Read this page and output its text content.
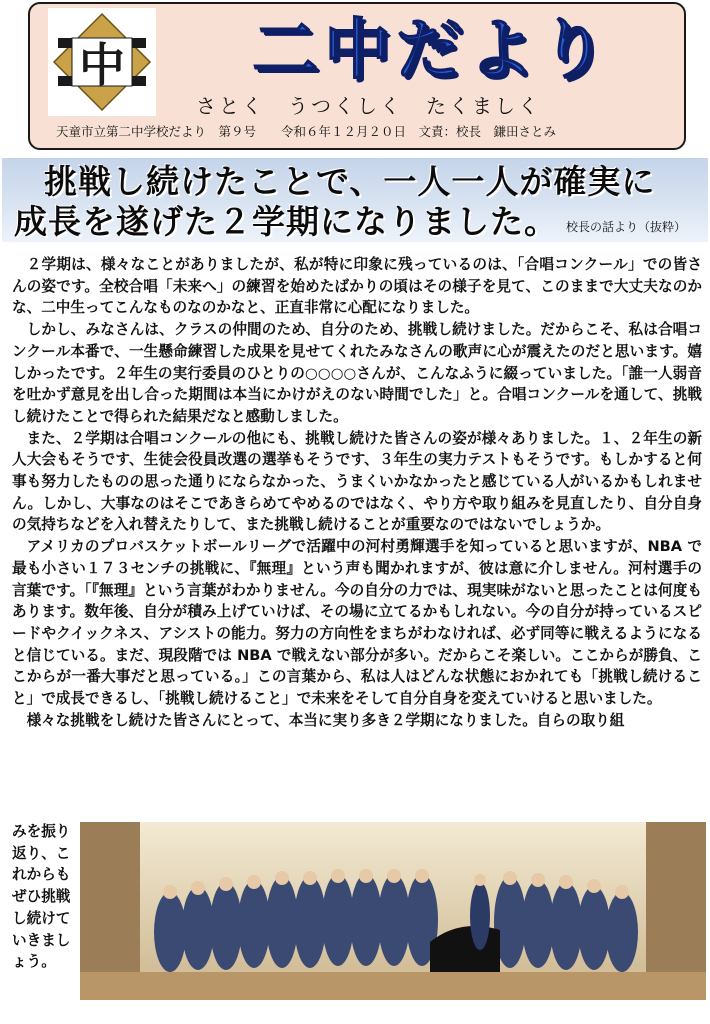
中 二中だより
さとく　うつくしく　たくましく
天童市立第二中学校だより　第９号　　令和６年１２月２０日　文責：校長　鎌田さとみ
挑戦し続けたことで、一人一人が確実に
成長を遂げた２学期になりました。 校長の話より（抜粋）

２学期は、様々なことがありましたが、私が特に印象に残っているのは、「合唱コンクール」での皆さんの姿です。全校合唱「未来へ」の練習を始めたばかりの頃はその様子を見て、このままで大丈夫なのかな、二中生ってこんなものなのかなと、正直非常に心配になりました。

しかし、みなさんは、クラスの仲間のため、自分のため、挑戦し続けました。だからこそ、私は合唱コンクール本番で、一生懸命練習した成果を見せてくれたみなさんの歌声に心が震えたのだと思います。嬉しかったです。２年生の実行委員のひとりの○○○○さんが、こんなふうに綴っていました。「誰一人弱音を吐かず意見を出し合った期間は本当にかけがえのない時間でした」と。合唱コンクールを通して、挑戦し続けたことで得られた結果だなと感動しました。

また、２学期は合唱コンクールの他にも、挑戦し続けた皆さんの姿が様々ありました。１、２年生の新人大会もそうです、生徒会役員改選の選挙もそうです、３年生の実力テストもそうです。もしかすると何事も努力したものの思った通りにならなかった、うまくいかなかったと感じている人がいるかもしれません。しかし、大事なのはそこであきらめてやめるのではなく、やり方や取り組みを見直したり、自分自身の気持ちなどを入れ替えたりして、また挑戦し続けることが重要なのではないでしょうか。

アメリカのプロバスケットボールリーグで活躍中の河村勇輝選手を知っていると思いますが、NBA で最も小さい１７３センチの挑戦に、『無理』という声も聞かれますが、彼は意に介しません。河村選手の言葉です。「『無理』という言葉がわかりません。今の自分の力では、現実味がないと思ったことは何度もあります。数年後、自分が積み上げていけば、その場に立てるかもしれない。今の自分が持っているスピードやクイックネス、アシストの能力。努力の方向性をまちがわなければ、必ず同等に戦えるようになると信じている。まだ、現段階では NBA で戦えない部分が多い。だからこそ楽しい。ここからが勝負、ここからが一番大事だと思っている。」この言葉から、私は人はどんな状態におかれても「挑戦し続けること」で成長できるし、「挑戦し続けること」で未来をそして自分自身を変えていけると思いました。

様々な挑戦をし続けた皆さんにとって、本当に実り多き２学期になりました。自らの取り組

みを振り返り、これからもぜひ挑戦し続けていきましょう。
